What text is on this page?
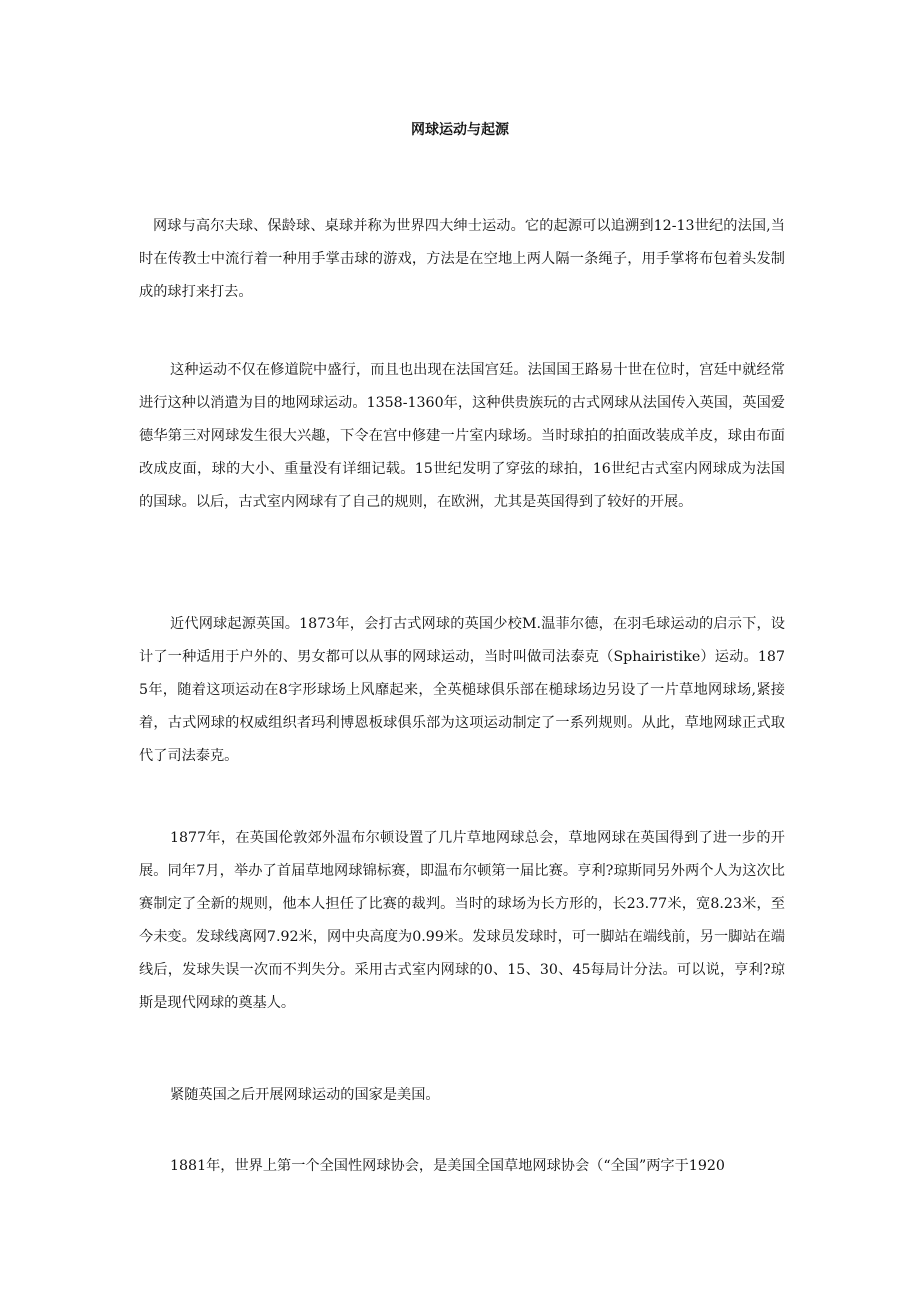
网球运动与起源

网球与高尔夫球、保龄球、桌球并称为世界四大绅士运动。它的起源可以追溯到12-13世纪的法国,当时在传教士中流行着一种用手掌击球的游戏，方法是在空地上两人隔一条绳子，用手掌将布包着头发制成的球打来打去。

这种运动不仅在修道院中盛行，而且也出现在法国宫廷。法国国王路易十世在位时，宫廷中就经常进行这种以消遣为目的地网球运动。1358-1360年，这种供贵族玩的古式网球从法国传入英国，英国爱德华第三对网球发生很大兴趣，下令在宫中修建一片室内球场。当时球拍的拍面改装成羊皮，球由布面改成皮面，球的大小、重量没有详细记载。15世纪发明了穿弦的球拍，16世纪古式室内网球成为法国的国球。以后，古式室内网球有了自己的规则，在欧洲，尤其是英国得到了较好的开展。

近代网球起源英国。1873年，会打古式网球的英国少校M.温菲尔德，在羽毛球运动的启示下，设计了一种适用于户外的、男女都可以从事的网球运动，当时叫做司法泰克（Sphairistike）运动。1875年，随着这项运动在8字形球场上风靡起来，全英槌球俱乐部在槌球场边另设了一片草地网球场,紧接着，古式网球的权威组织者玛利博恩板球俱乐部为这项运动制定了一系列规则。从此，草地网球正式取代了司法泰克。

1877年，在英国伦敦郊外温布尔顿设置了几片草地网球总会，草地网球在英国得到了进一步的开展。同年7月，举办了首届草地网球锦标赛，即温布尔顿第一届比赛。亨利?琼斯同另外两个人为这次比赛制定了全新的规则，他本人担任了比赛的裁判。当时的球场为长方形的，长23.77米，宽8.23米，至今未变。发球线离网7.92米，网中央高度为0.99米。发球员发球时，可一脚站在端线前，另一脚站在端线后，发球失误一次而不判失分。采用古式室内网球的0、15、30、45每局计分法。可以说，亨利?琼斯是现代网球的奠基人。

紧随英国之后开展网球运动的国家是美国。

1881年，世界上第一个全国性网球协会，是美国全国草地网球协会（“全国”两字于1920
